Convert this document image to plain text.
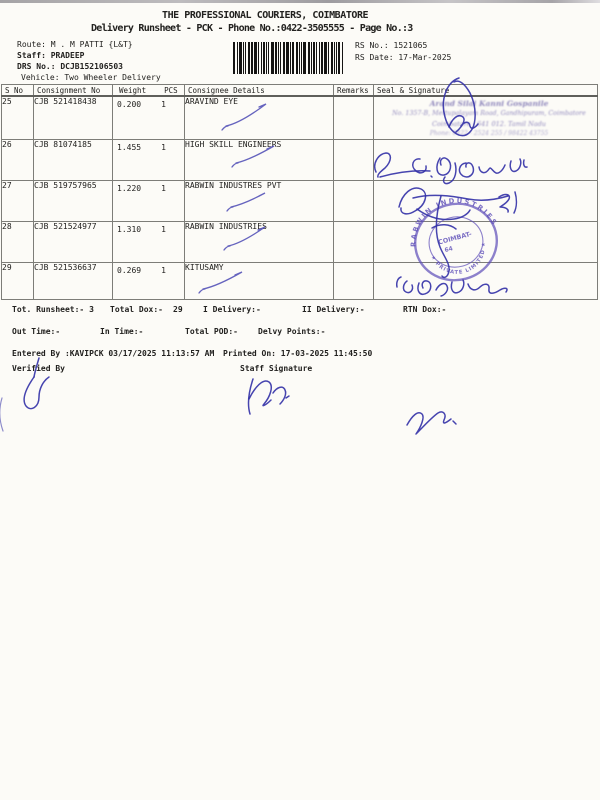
THE PROFESSIONAL COURIERS, COIMBATORE
Delivery Runsheet - PCK - Phone No.:0422-3505555 - Page No.:3
Route: M . M PATTI {L&T}
Staff: PRADEEP
DRS No.: DCJB152106503
Vehicle: Two Wheeler Delivery
RS No.: 1521065
RS Date: 17-Mar-2025
S No	Consignment No	Weight PCS	Consignee Details	Remarks	Seal & Signature
25	CJB 521418438	0.200 1	ARAVIND EYE		
26	CJB 81074185	1.455 1	HIGH SKILL ENGINEERS		
27	CJB 519757965	1.220 1	RABWIN INDUSTRES PVT		
28	CJB 521524977	1.310 1	RABWIN INDUSTRIES		
29	CJB 521536637	0.269 1	KITUSAMY		
Arand Silai Kanni Gospanile
No. 1357-B, Mettupalayam Road, Gandhipuram, Coimbatore
Coimbatore - 641 012. Tamil Nadu
Phone: 0422 - 2524 255 / 98422 43755
Tot. Runsheet:- 3 Total Dox:- 29	I Delivery:-	II Delivery:-	RTN Dox:-
Out Time:-	In Time:-	Total POD:-	Delvy Points:-
Entered By :KAVIPCK 03/17/2025 11:13:57 AM Printed On: 17-03-2025 11:45:50
Verified By	Staff Signature
RABWIN INDUSTRIES
★ PRIVATE LIMITED ★
COIMBAT-
64
